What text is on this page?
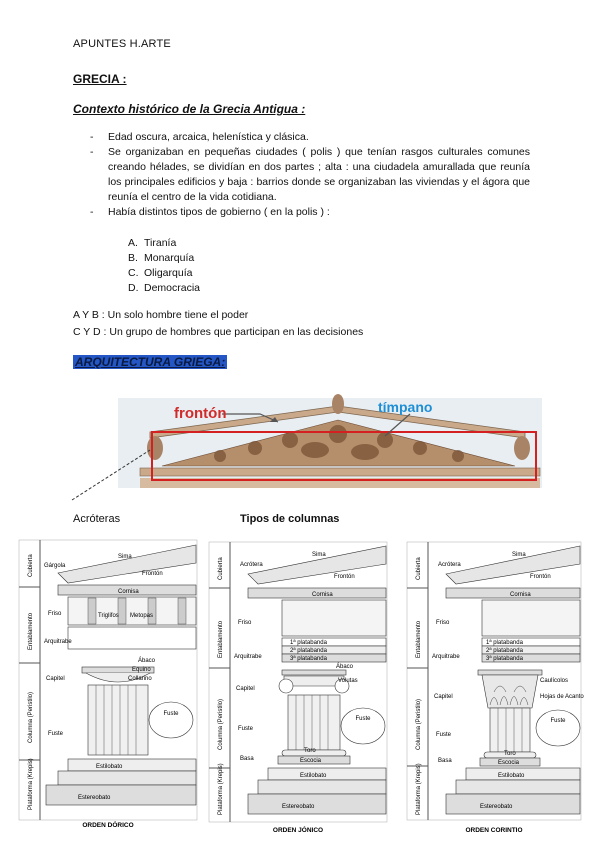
APUNTES H.ARTE
GRECIA :
Contexto histórico de la Grecia Antigua :
- Edad oscura, arcaica, helenística y clásica.
- Se organizaban en pequeñas ciudades ( polis ) que tenían rasgos culturales comunes creando hélades, se dividían en dos partes ; alta : una ciudadela amurallada que reunía los principales edificios y baja : barrios donde se organizaban las viviendas y el ágora que reunía el centro de la vida cotidiana.
- Había distintos tipos de gobierno ( en la polis ) :
A. Tiranía
B. Monarquía
C. Oligarquía
D. Democracia
A Y B : Un solo hombre tiene el poder
C Y D : Un grupo de hombres que participan en las decisiones
ARQUITECTURA GRIEGA:
frontón	tímpano
Acróteras	Tipos de columnas
Cubierta
Entablamento
Columna (Peristilo)
Plataforma (Krepis)
Fuste
Gárgola
Sima
Frontón
Cornisa
Friso	Triglifos Metopas
Arquitrabe
Capitel
Ábaco
Equino
Collarino
Fuste
Estilobato
Estereobato
ORDEN DÓRICO
Cubierta
Entablamento
Columna (Peristilo)
Plataforma (Krepis)
Fuste
Acrótera
Sima
Frontón
Cornisa
Friso
Arquitrabe
1ª platabanda
2ª platabanda
3ª platabanda
Capitel
Ábaco
Volutas
Fuste
Basa
Toro
Escocia
Estilobato
Estereobato
ORDEN JÓNICO
Cubierta
Entablamento
Columna (Peristilo)
Plataforma (Krepis)
Fuste
Acrótera
Sima
Frontón
Cornisa
Friso
Arquitrabe
1ª platabanda
2ª platabanda
3ª platabanda
Capitel
Caulícolos
Hojas de Acanto
Fuste
Basa
Toro
Escocia
Estilobato
Estereobato
ORDEN CORINTIO
